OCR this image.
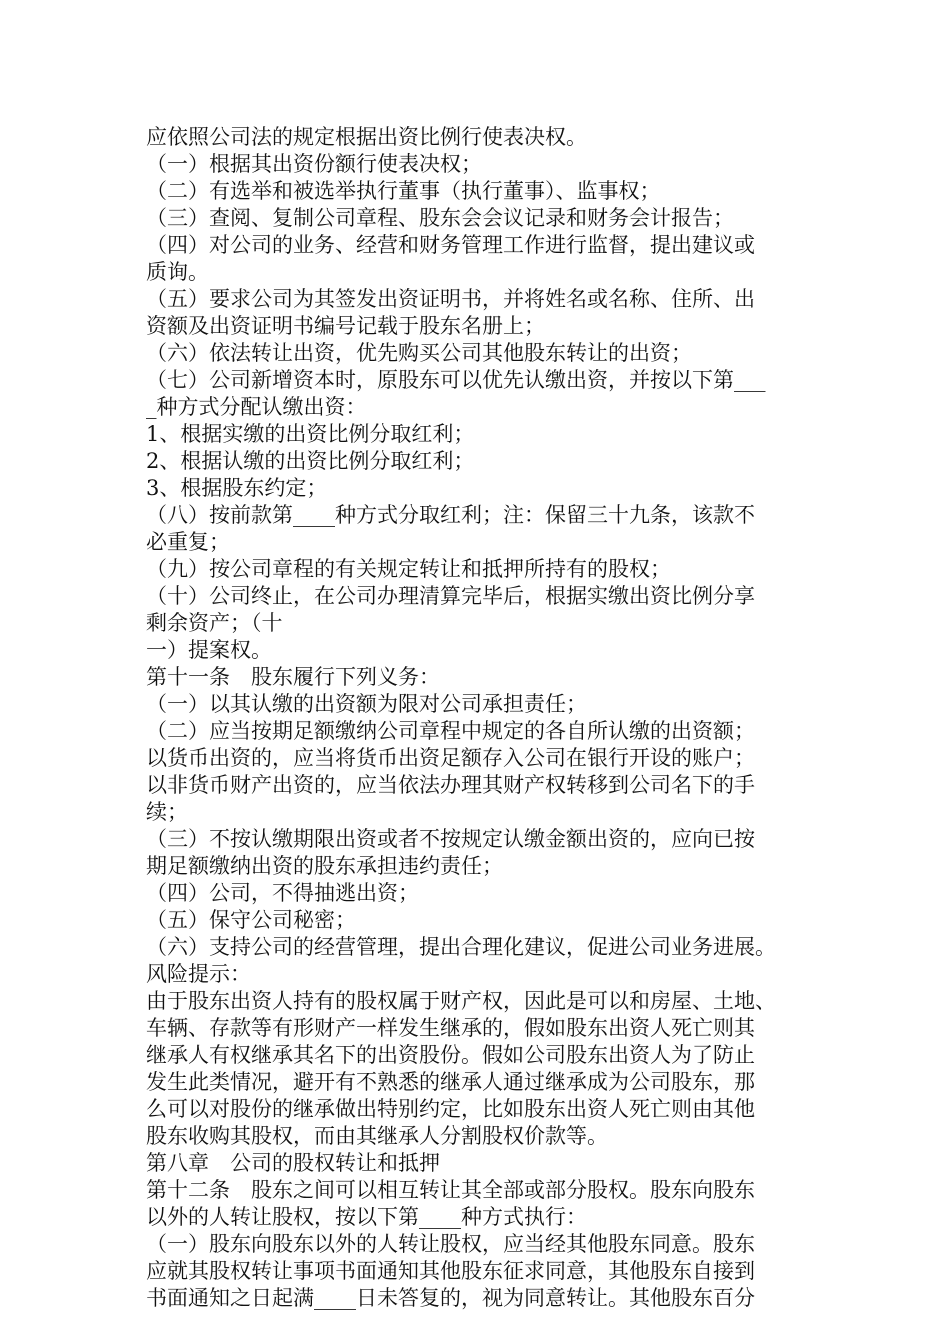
应依照公司法的规定根据出资比例行使表决权。
（一）根据其出资份额行使表决权；
（二）有选举和被选举执行董事（执行董事）、监事权；
（三）查阅、复制公司章程、股东会会议记录和财务会计报告；
（四）对公司的业务、经营和财务管理工作进行监督，提出建议或
质询。
（五）要求公司为其签发出资证明书，并将姓名或名称、住所、出
资额及出资证明书编号记载于股东名册上；
（六）依法转让出资，优先购买公司其他股东转让的出资；
（七）公司新增资本时，原股东可以优先认缴出资，并按以下第___
_种方式分配认缴出资：
1、根据实缴的出资比例分取红利；
2、根据认缴的出资比例分取红利；
3、根据股东约定；
（八）按前款第____种方式分取红利；注：保留三十九条，该款不
必重复；
（九）按公司章程的有关规定转让和抵押所持有的股权；
（十）公司终止，在公司办理清算完毕后，根据实缴出资比例分享
剩余资产；（十
一）提案权。
第十一条　股东履行下列义务：
（一）以其认缴的出资额为限对公司承担责任；
（二）应当按期足额缴纳公司章程中规定的各自所认缴的出资额；
以货币出资的，应当将货币出资足额存入公司在银行开设的账户；
以非货币财产出资的，应当依法办理其财产权转移到公司名下的手
续；
（三）不按认缴期限出资或者不按规定认缴金额出资的，应向已按
期足额缴纳出资的股东承担违约责任；
（四）公司，不得抽逃出资；
（五）保守公司秘密；
（六）支持公司的经营管理，提出合理化建议，促进公司业务进展。
风险提示：
由于股东出资人持有的股权属于财产权，因此是可以和房屋、土地、
车辆、存款等有形财产一样发生继承的，假如股东出资人死亡则其
继承人有权继承其名下的出资股份。假如公司股东出资人为了防止
发生此类情况，避开有不熟悉的继承人通过继承成为公司股东，那
么可以对股份的继承做出特别约定，比如股东出资人死亡则由其他
股东收购其股权，而由其继承人分割股权价款等。
第八章　公司的股权转让和抵押
第十二条　股东之间可以相互转让其全部或部分股权。股东向股东
以外的人转让股权，按以下第____种方式执行：
（一）股东向股东以外的人转让股权，应当经其他股东同意。股东
应就其股权转让事项书面通知其他股东征求同意，其他股东自接到
书面通知之日起满____日未答复的，视为同意转让。其他股东百分
